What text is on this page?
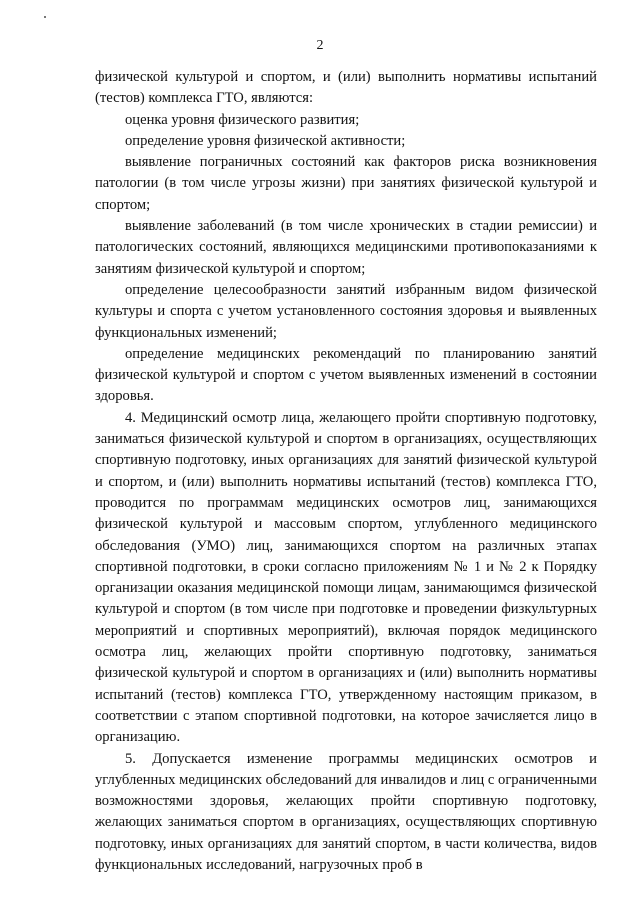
2

физической культурой и спортом, и (или) выполнить нормативы испытаний (тестов) комплекса ГТО, являются:

оценка уровня физического развития;

определение уровня физической активности;

выявление пограничных состояний как факторов риска возникновения патологии (в том числе угрозы жизни) при занятиях физической культурой и спортом;

выявление заболеваний (в том числе хронических в стадии ремиссии) и патологических состояний, являющихся медицинскими противопоказаниями к занятиям физической культурой и спортом;

определение целесообразности занятий избранным видом физической культуры и спорта с учетом установленного состояния здоровья и выявленных функциональных изменений;

определение медицинских рекомендаций по планированию занятий физической культурой и спортом с учетом выявленных изменений в состоянии здоровья.

4. Медицинский осмотр лица, желающего пройти спортивную подготовку, заниматься физической культурой и спортом в организациях, осуществляющих спортивную подготовку, иных организациях для занятий физической культурой и спортом, и (или) выполнить нормативы испытаний (тестов) комплекса ГТО, проводится по программам медицинских осмотров лиц, занимающихся физической культурой и массовым спортом, углубленного медицинского обследования (УМО) лиц, занимающихся спортом на различных этапах спортивной подготовки, в сроки согласно приложениям № 1 и № 2 к Порядку организации оказания медицинской помощи лицам, занимающимся физической культурой и спортом (в том числе при подготовке и проведении физкультурных мероприятий и спортивных мероприятий), включая порядок медицинского осмотра лиц, желающих пройти спортивную подготовку, заниматься физической культурой и спортом в организациях и (или) выполнить нормативы испытаний (тестов) комплекса ГТО, утвержденному настоящим приказом, в соответствии с этапом спортивной подготовки, на которое зачисляется лицо в организацию.

5. Допускается изменение программы медицинских осмотров и углубленных медицинских обследований для инвалидов и лиц с ограниченными возможностями здоровья, желающих пройти спортивную подготовку, желающих заниматься спортом в организациях, осуществляющих спортивную подготовку, иных организациях для занятий спортом, в части количества, видов функциональных исследований, нагрузочных проб в
